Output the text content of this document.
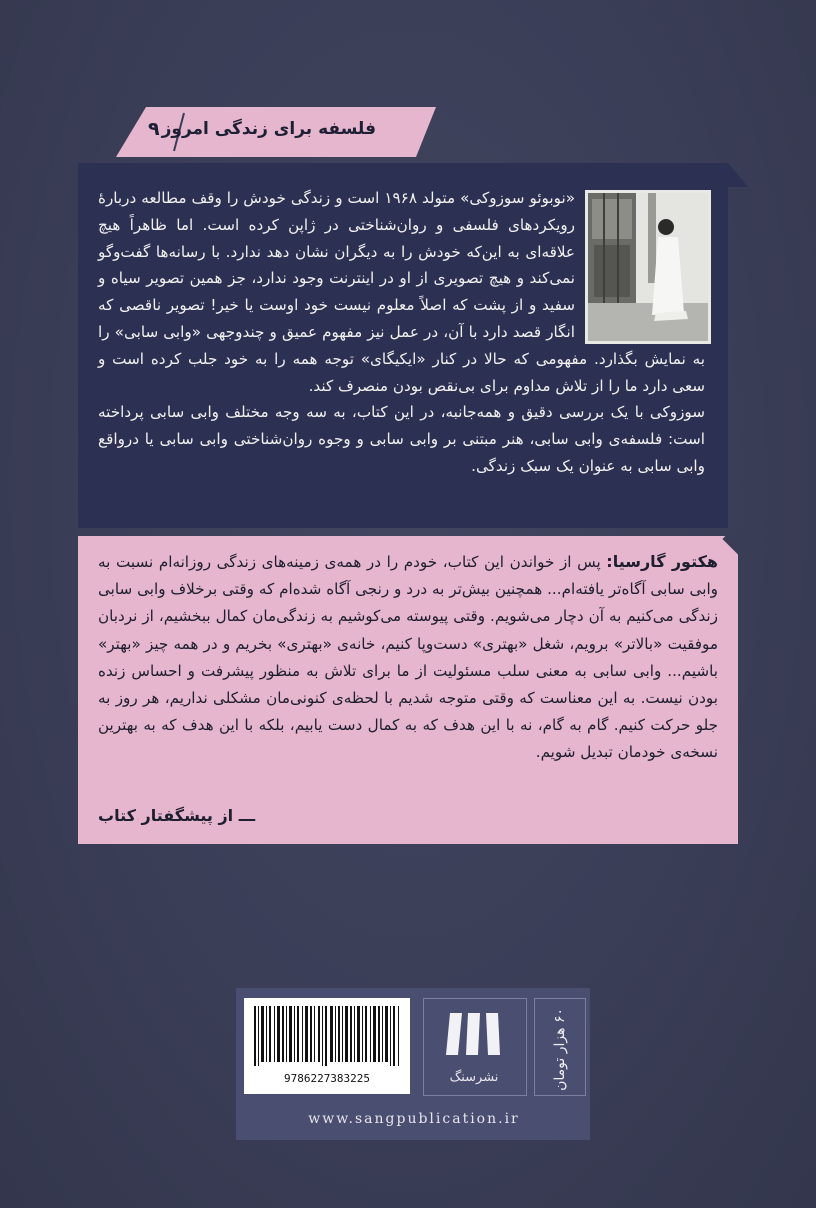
فلسفه برای زندگی امروز
۹

«نوبوئو سوزوکی» متولد ۱۹۶۸ است و زندگی خودش را وقف مطالعه دربارهٔ رویکردهای فلسفی و روان‌شناختی در ژاپن کرده است. اما ظاهراً هیچ علاقه‌ای به این‌که خودش را به دیگران نشان دهد ندارد. با رسانه‌ها گفت‌وگو نمی‌کند و هیچ تصویری از او در اینترنت وجود ندارد، جز همین تصویر سیاه و سفید و از پشت که اصلاً معلوم نیست خود اوست یا خیر! تصویر ناقصی که انگار قصد دارد با آن، در عمل نیز مفهوم عمیق و چندوجهی «وابی سابی» را به نمایش بگذارد. مفهومی که حالا در کنار «ایکیگای» توجه همه را به خود جلب کرده است و سعی دارد ما را از تلاش مداوم برای بی‌نقص بودن منصرف کند.

سوزوکی با یک بررسی دقیق و همه‌جانبه، در این کتاب، به سه وجه مختلف وابی سابی پرداخته است: فلسفه‌ی وابی سابی، هنر مبتنی بر وابی سابی و وجوه روان‌شناختی وابی سابی یا درواقع وابی سابی به عنوان یک سبک زندگی.

هکتور گارسیا: پس از خواندن این کتاب، خودم را در همه‌ی زمینه‌های زندگی روزانه‌ام نسبت به وابی سابی آگاه‌تر یافته‌ام... همچنین بیش‌تر به درد و رنجی آگاه شده‌ام که وقتی برخلاف وابی سابی زندگی می‌کنیم به آن دچار می‌شویم. وقتی پیوسته می‌کوشیم به زندگی‌مان کمال ببخشیم، از نردبان موفقیت «بالاتر» برویم، شغل «بهتری» دست‌وپا کنیم، خانه‌ی «بهتری» بخریم و در همه چیز «بهتر» باشیم... وابی سابی به معنی سلب مسئولیت از ما برای تلاش به منظور پیشرفت و احساس زنده بودن نیست. به این معناست که وقتی متوجه شدیم با لحظه‌ی کنونی‌مان مشکلی نداریم، هر روز به جلو حرکت کنیم. گام به گام، نه با این هدف که به کمال دست یابیم، بلکه با این هدف که به بهترین نسخه‌ی خودمان تبدیل شویم.
ـــ از پیشگفتار کتاب
9786227383225	نشرسنگ	۶۰ هزار تومان
www.sangpublication.ir
